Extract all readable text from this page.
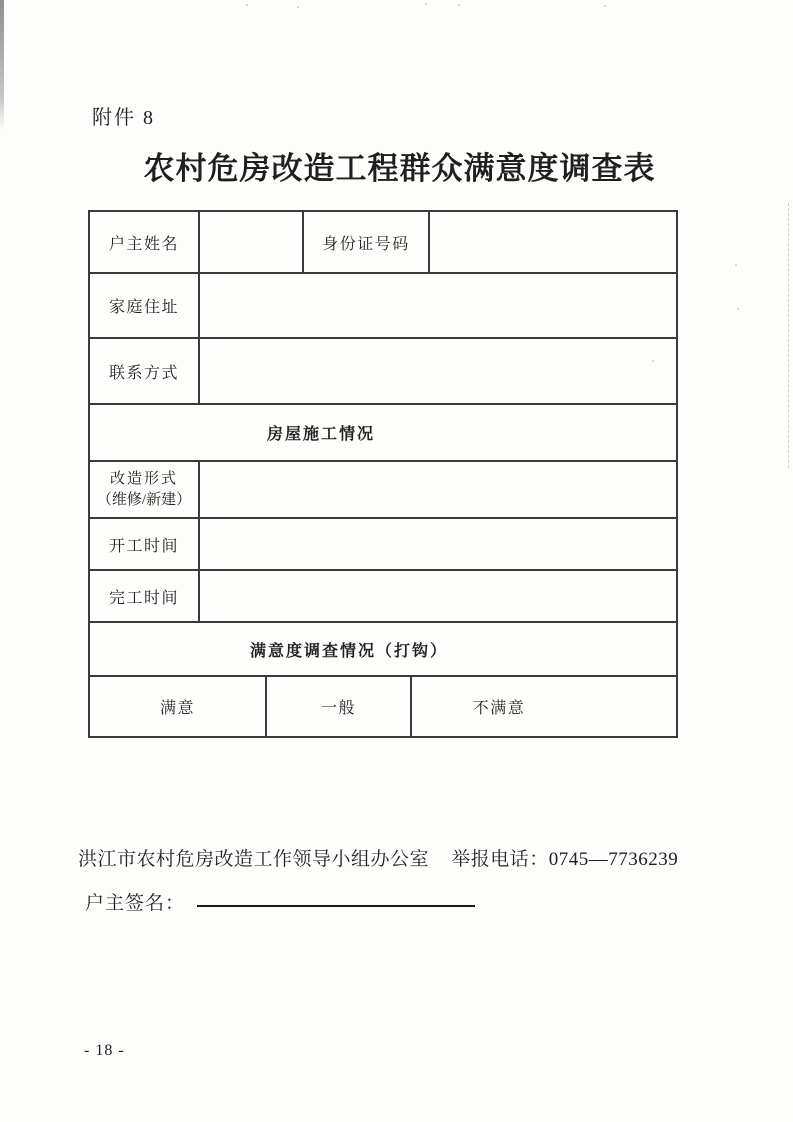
附件 8
农村危房改造工程群众满意度调查表
户主姓名	身份证号码
家庭住址
联系方式
房屋施工情况
改造形式
（维修/新建）
开工时间
完工时间
满意度调查情况（打钩）
满意	一般	不满意
洪江市农村危房改造工作领导小组办公室 举报电话：0745—7736239
户主签名：
- 18 -
